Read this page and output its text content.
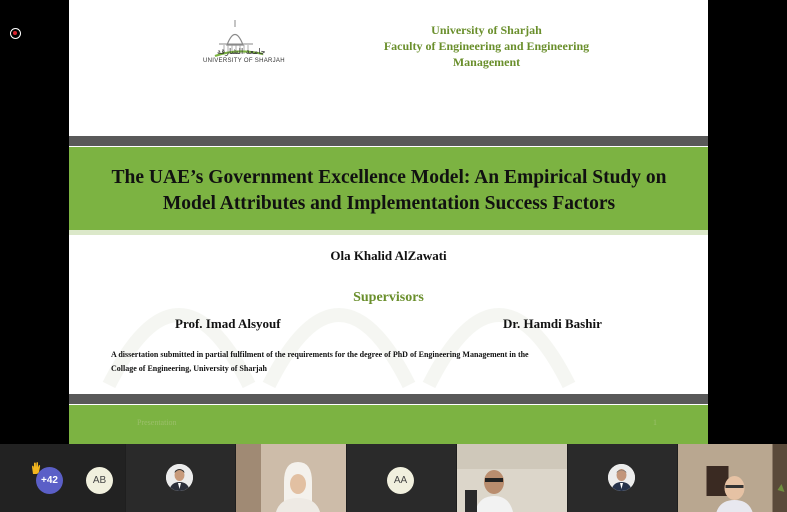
جامعة الشارقة
UNIVERSITY OF SHARJAH
University of Sharjah
Faculty of Engineering and Engineering
Management
The UAE’s Government Excellence Model: An Empirical Study on
Model Attributes and Implementation Success Factors
Ola Khalid AlZawati
Supervisors
Prof. Imad Alsyouf	Dr. Hamdi Bashir
A dissertation submitted in partial fulfilment of the requirements for the degree of PhD of Engineering Management in the
Collage of Engineering, University of Sharjah
Presentation	1
+42	AB	AA
